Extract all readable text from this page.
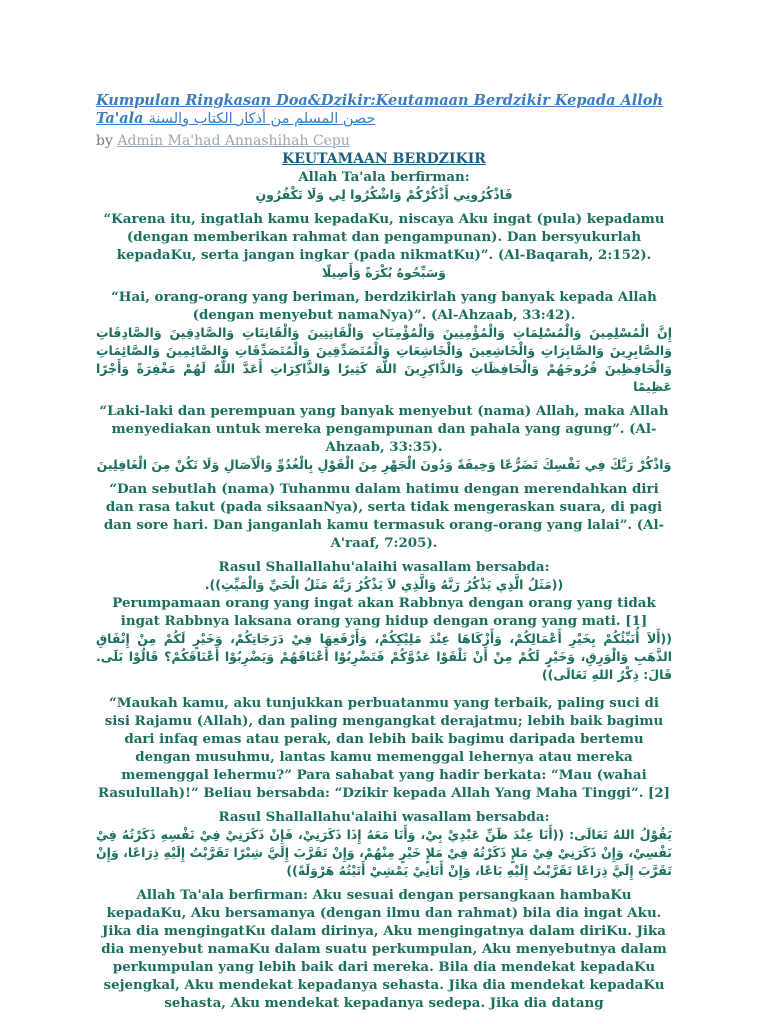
Kumpulan Ringkasan Doa&Dzikir:Keutamaan Berdzikir Kepada Alloh Ta'ala حصن المسلم من أذكار الكتاب والسنة
by Admin Ma'had Annashihah Cepu
KEUTAMAAN BERDZIKIR
Allah Ta'ala berfirman:
فَاذْكُرُونِي أَذْكُرْكُمْ وَاشْكُرُوا لِي وَلَا تَكْفُرُونِ
“Karena itu, ingatlah kamu kepadaKu, niscaya Aku ingat (pula) kepadamu (dengan memberikan rahmat dan pengampunan). Dan bersyukurlah kepadaKu, serta jangan ingkar (pada nikmatKu)”. (Al-Baqarah, 2:152).
وَسَبِّحُوهُ بُكْرَةً وَأَصِيلًا
“Hai, orang-orang yang beriman, berdzikirlah yang banyak kepada Allah (dengan menyebut namaNya)”. (Al-Ahzaab, 33:42).
إِنَّ الْمُسْلِمِينَ وَالْمُسْلِمَاتِ وَالْمُؤْمِنِينَ وَالْمُؤْمِنَاتِ وَالْقَانِتِينَ وَالْقَانِتَاتِ وَالصَّادِقِينَ وَالصَّادِقَاتِ وَالصَّابِرِينَ وَالصَّابِرَاتِ وَالْخَاشِعِينَ وَالْخَاشِعَاتِ وَالْمُتَصَدِّقِينَ وَالْمُتَصَدِّقَاتِ وَالصَّائِمِينَ وَالصَّائِمَاتِ وَالْحَافِظِينَ فُرُوجَهُمْ وَالْحَافِظَاتِ وَالذَّاكِرِينَ اللَّهَ كَثِيرًا وَالذَّاكِرَاتِ أَعَدَّ اللَّهُ لَهُمْ مَغْفِرَةً وَأَجْرًا عَظِيمًا
“Laki-laki dan perempuan yang banyak menyebut (nama) Allah, maka Allah menyediakan untuk mereka pengampunan dan pahala yang agung”. (Al-Ahzaab, 33:35).
وَاذْكُرْ رَبَّكَ فِي نَفْسِكَ تَضَرُّعًا وَخِيفَةً وَدُونَ الْجَهْرِ مِنَ الْقَوْلِ بِالْغُدُوِّ وَالْآصَالِ وَلَا تَكُنْ مِنَ الْغَافِلِينَ
“Dan sebutlah (nama) Tuhanmu dalam hatimu dengan merendahkan diri dan rasa takut (pada siksaanNya), serta tidak mengeraskan suara, di pagi dan sore hari. Dan janganlah kamu termasuk orang-orang yang lalai”. (Al-A'raaf, 7:205).
Rasul Shallallahu'alaihi wasallam bersabda:
((مَثَلُ الَّذِي يَذْكُرُ رَبَّهُ وَالَّذِي لاَ يَذْكُرُ رَبَّهُ مَثَلُ الْحَيِّ وَالْمَيِّتِ)).
Perumpamaan orang yang ingat akan Rabbnya dengan orang yang tidak ingat Rabbnya laksana orang yang hidup dengan orang yang mati. [1]
((أَلاَ أُنَبِّئُكُمْ بِخَيْرِ أَعْمَالِكُمْ، وَأَزْكَاهَا عِنْدَ مَلِيْكِكُمْ، وَأَرْفَعِهَا فِيْ دَرَجَاتِكُمْ، وَخَيْرٍ لَكُمْ مِنْ إِنْفَاقِ الذَّهَبِ وَالْوَرِقِ، وَخَيْرٍ لَكُمْ مِنْ أَنْ تَلْقَوْا عَدُوَّكُمْ فَتَضْرِبُوْا أَعْنَاقَهُمْ وَيَضْرِبُوْا أَعْنَاقَكُمْ؟ قَالُوْا بَلَى. قَالَ: ذِكْرُ اللهِ تَعَالَى))
“Maukah kamu, aku tunjukkan perbuatanmu yang terbaik, paling suci di sisi Rajamu (Allah), dan paling mengangkat derajatmu; lebih baik bagimu dari infaq emas atau perak, dan lebih baik bagimu daripada bertemu dengan musuhmu, lantas kamu memenggal lehernya atau mereka memenggal lehermu?” Para sahabat yang hadir berkata: “Mau (wahai Rasulullah)!” Beliau bersabda: “Dzikir kepada Allah Yang Maha Tinggi”. [2]
Rasul Shallallahu'alaihi wasallam bersabda:
يَقُوْلُ اللهُ تَعَالَى: ((أَنَا عِنْدَ ظَنِّ عَبْدِيْ بِيْ، وَأَنَا مَعَهُ إِذَا ذَكَرَنِيْ، فَإِنْ ذَكَرَنِيْ فِيْ نَفْسِهِ ذَكَرْتُهُ فِيْ نَفْسِيْ، وَإِنْ ذَكَرَنِيْ فِيْ مَلإٍ ذَكَرْتُهُ فِيْ مَلإٍ خَيْرٍ مِنْهُمْ، وَإِنْ تَقَرَّبَ إِلَيَّ شِبْرًا تَقَرَّبْتُ إِلَيْهِ ذِرَاعًا، وَإِنْ تَقَرَّبَ إِلَيَّ ذِرَاعًا تَقَرَّبْتُ إِلَيْهِ بَاعًا، وَإِنْ أَتَانِيْ يَمْشِيْ أَتَيْتُهُ هَرْوَلَةً))
Allah Ta'ala berfirman: Aku sesuai dengan persangkaan hambaKu kepadaKu, Aku bersamanya (dengan ilmu dan rahmat) bila dia ingat Aku. Jika dia mengingatKu dalam dirinya, Aku mengingatnya dalam diriKu. Jika dia menyebut namaKu dalam suatu perkumpulan, Aku menyebutnya dalam perkumpulan yang lebih baik dari mereka. Bila dia mendekat kepadaKu sejengkal, Aku mendekat kepadanya sehasta. Jika dia mendekat kepadaKu sehasta, Aku mendekat kepadanya sedepa. Jika dia datang
